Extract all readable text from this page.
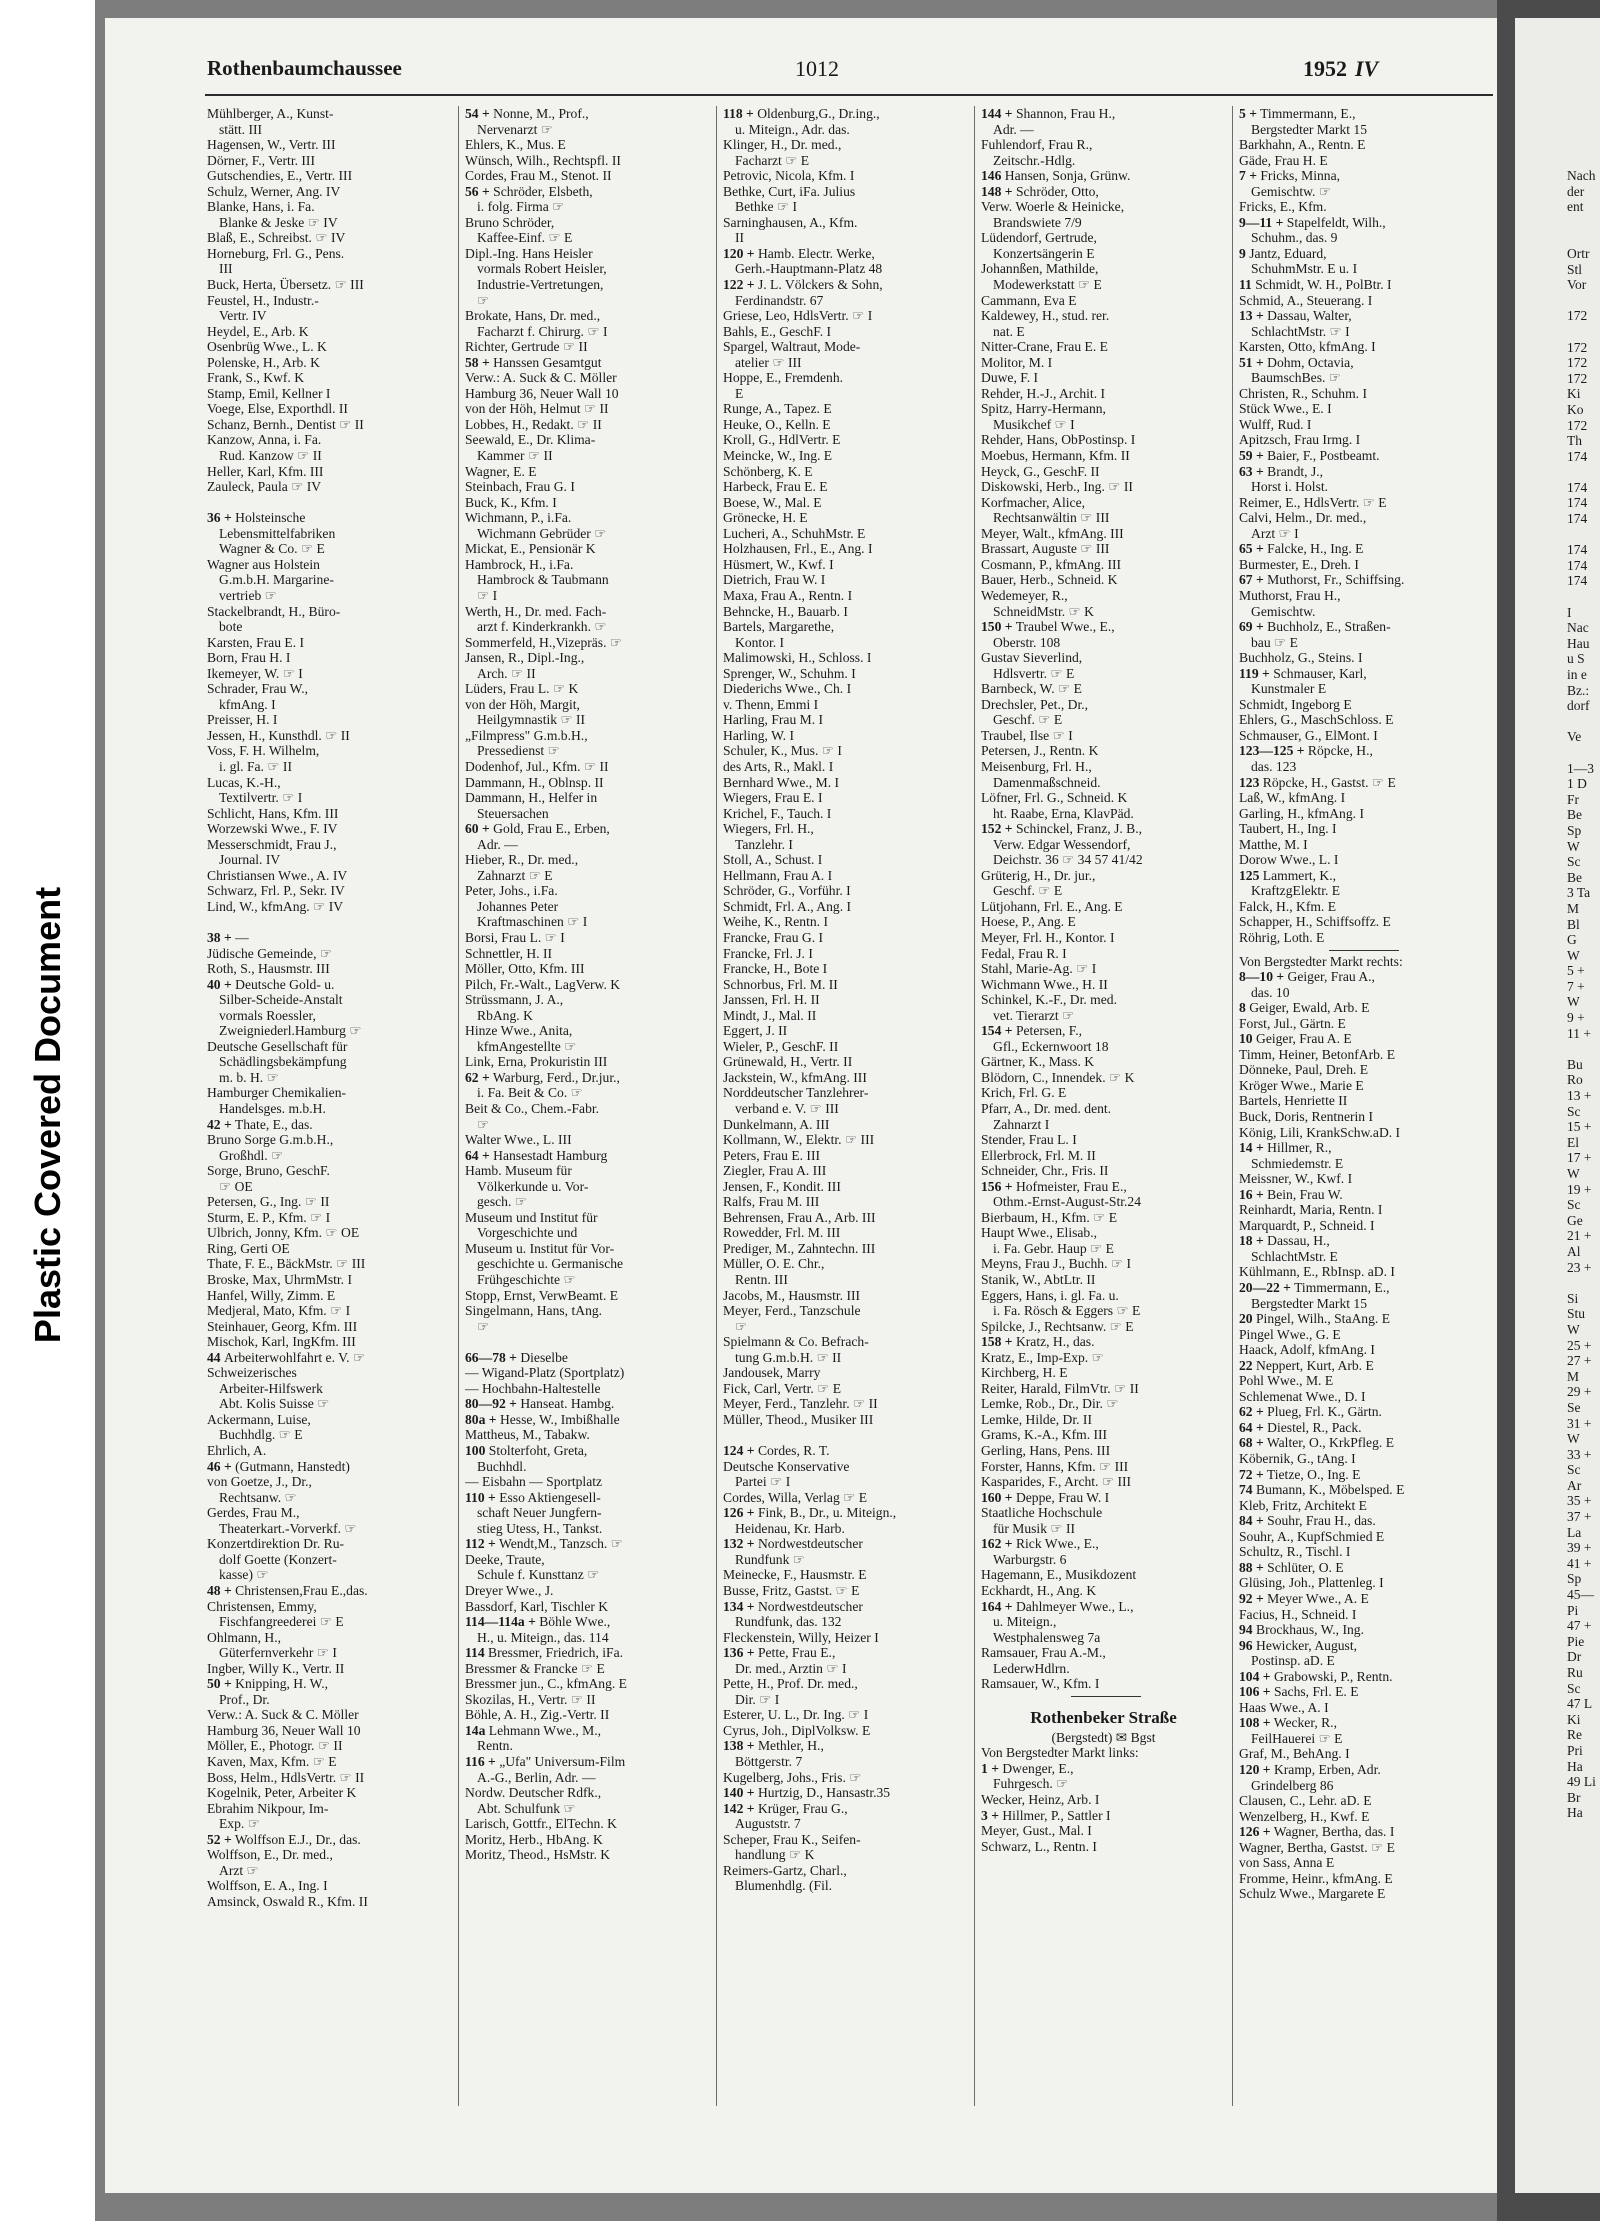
Plastic Covered Document
Nach
der
ent

Ortr
Stl
Vor

172

172
172
172
Ki
Ko
172
Th
174

174
174
174

174
174
174

I
Nac
Hau
u S
in e
Bz.:
dorf

Ve

1—3
1 D
Fr
Be
Sp
W
Sc
Be
3 Ta
M
Bl
G
W
5 +
7 +
W
9 +
11 +

Bu
Ro
13 +
Sc
15 +
El
17 +
W
19 +
Sc
Ge
21 +
Al
23 +

Si
Stu
W
25 +
27 +
M
29 +
Se
31 +
W
33 +
Sc
Ar
35 +
37 +
La
39 +
41 +
Sp
45—
Pi
47 +
Pie
Dr
Ru
Sc
47 L
Ki
Re
Pri
Ha
49 Li
Br
Ha
Rothenbaumchaussee	1012	1952 IV
Mühlberger, A., Kunst-
stätt. III
Hagensen, W., Vertr. III
Dörner, F., Vertr. III
Gutschendies, E., Vertr. III
Schulz, Werner, Ang. IV
Blanke, Hans, i. Fa.
Blanke & Jeske ☞ IV
Blaß, E., Schreibst. ☞ IV
Horneburg, Frl. G., Pens.
III
Buck, Herta, Übersetz. ☞ III
Feustel, H., Industr.-
Vertr. IV
Heydel, E., Arb. K
Osenbrüg Wwe., L. K
Polenske, H., Arb. K
Frank, S., Kwf. K
Stamp, Emil, Kellner I
Voege, Else, Exporthdl. II
Schanz, Bernh., Dentist ☞ II
Kanzow, Anna, i. Fa.
Rud. Kanzow ☞ II
Heller, Karl, Kfm. III
Zauleck, Paula ☞ IV

36 + Holsteinsche
Lebensmittelfabriken
Wagner & Co. ☞ E
Wagner aus Holstein
G.m.b.H. Margarine-
vertrieb ☞
Stackelbrandt, H., Büro-
bote
Karsten, Frau E. I
Born, Frau H. I
Ikemeyer, W. ☞ I
Schrader, Frau W.,
kfmAng. I
Preisser, H. I
Jessen, H., Kunsthdl. ☞ II
Voss, F. H. Wilhelm,
i. gl. Fa. ☞ II
Lucas, K.-H.,
Textilvertr. ☞ I
Schlicht, Hans, Kfm. III
Worzewski Wwe., F. IV
Messerschmidt, Frau J.,
Journal. IV
Christiansen Wwe., A. IV
Schwarz, Frl. P., Sekr. IV
Lind, W., kfmAng. ☞ IV

38 + —
Jüdische Gemeinde, ☞
Roth, S., Hausmstr. III
40 + Deutsche Gold- u.
Silber-Scheide-Anstalt
vormals Roessler,
Zweigniederl.Hamburg ☞
Deutsche Gesellschaft für
Schädlingsbekämpfung
m. b. H. ☞
Hamburger Chemikalien-
Handelsges. m.b.H.
42 + Thate, E., das.
Bruno Sorge G.m.b.H.,
Großhdl. ☞
Sorge, Bruno, GeschF.
☞ OE
Petersen, G., Ing. ☞ II
Sturm, E. P., Kfm. ☞ I
Ulbrich, Jonny, Kfm. ☞ OE
Ring, Gerti OE
Thate, F. E., BäckMstr. ☞ III
Broske, Max, UhrmMstr. I
Hanfel, Willy, Zimm. E
Medjeral, Mato, Kfm. ☞ I
Steinhauer, Georg, Kfm. III
Mischok, Karl, IngKfm. III
44 Arbeiterwohlfahrt e. V. ☞
Schweizerisches
Arbeiter-Hilfswerk
Abt. Kolis Suisse ☞
Ackermann, Luise,
Buchhdlg. ☞ E
Ehrlich, A.
46 + (Gutmann, Hanstedt)
von Goetze, J., Dr.,
Rechtsanw. ☞
Gerdes, Frau M.,
Theaterkart.-Vorverkf. ☞
Konzertdirektion Dr. Ru-
dolf Goette (Konzert-
kasse) ☞
48 + Christensen,Frau E.,das.
Christensen, Emmy,
Fischfangreederei ☞ E
Ohlmann, H.,
Güterfernverkehr ☞ I
Ingber, Willy K., Vertr. II
50 + Knipping, H. W.,
Prof., Dr.
Verw.: A. Suck & C. Möller
Hamburg 36, Neuer Wall 10
Möller, E., Photogr. ☞ II
Kaven, Max, Kfm. ☞ E
Boss, Helm., HdlsVertr. ☞ II
Kogelnik, Peter, Arbeiter K
Ebrahim Nikpour, Im-
Exp. ☞
52 + Wolffson E.J., Dr., das.
Wolffson, E., Dr. med.,
Arzt ☞
Wolffson, E. A., Ing. I
Amsinck, Oswald R., Kfm. II
54 + Nonne, M., Prof.,
Nervenarzt ☞
Ehlers, K., Mus. E
Wünsch, Wilh., Rechtspfl. II
Cordes, Frau M., Stenot. II
56 + Schröder, Elsbeth,
i. folg. Firma ☞
Bruno Schröder,
Kaffee-Einf. ☞ E
Dipl.-Ing. Hans Heisler
vormals Robert Heisler,
Industrie-Vertretungen,
☞
Brokate, Hans, Dr. med.,
Facharzt f. Chirurg. ☞ I
Richter, Gertrude ☞ II
58 + Hanssen Gesamtgut
Verw.: A. Suck & C. Möller
Hamburg 36, Neuer Wall 10
von der Höh, Helmut ☞ II
Lobbes, H., Redakt. ☞ II
Seewald, E., Dr. Klima-
Kammer ☞ II
Wagner, E. E
Steinbach, Frau G. I
Buck, K., Kfm. I
Wichmann, P., i.Fa.
Wichmann Gebrüder ☞
Mickat, E., Pensionär K
Hambrock, H., i.Fa.
Hambrock & Taubmann
☞ I
Werth, H., Dr. med. Fach-
arzt f. Kinderkrankh. ☞
Sommerfeld, H.,Vizepräs. ☞
Jansen, R., Dipl.-Ing.,
Arch. ☞ II
Lüders, Frau L. ☞ K
von der Höh, Margit,
Heilgymnastik ☞ II
„Filmpress" G.m.b.H.,
Pressedienst ☞
Dodenhof, Jul., Kfm. ☞ II
Dammann, H., Oblnsp. II
Dammann, H., Helfer in
Steuersachen
60 + Gold, Frau E., Erben,
Adr. —
Hieber, R., Dr. med.,
Zahnarzt ☞ E
Peter, Johs., i.Fa.
Johannes Peter
Kraftmaschinen ☞ I
Borsi, Frau L. ☞ I
Schnettler, H. II
Möller, Otto, Kfm. III
Pilch, Fr.-Walt., LagVerw. K
Strüssmann, J. A.,
RbAng. K
Hinze Wwe., Anita,
kfmAngestellte ☞
Link, Erna, Prokuristin III
62 + Warburg, Ferd., Dr.jur.,
i. Fa. Beit & Co. ☞
Beit & Co., Chem.-Fabr.
☞
Walter Wwe., L. III
64 + Hansestadt Hamburg
Hamb. Museum für
Völkerkunde u. Vor-
gesch. ☞
Museum und Institut für
Vorgeschichte und
Museum u. Institut für Vor-
geschichte u. Germanische
Frühgeschichte ☞
Stopp, Ernst, VerwBeamt. E
Singelmann, Hans, tAng.
☞

66—78 + Dieselbe
— Wigand-Platz (Sportplatz)
— Hochbahn-Haltestelle
80—92 + Hanseat. Hambg.
80a + Hesse, W., Imbißhalle
Mattheus, M., Tabakw.
100 Stolterfoht, Greta,
Buchhdl.
— Eisbahn — Sportplatz
110 + Esso Aktiengesell-
schaft Neuer Jungfern-
stieg Utess, H., Tankst.
112 + Wendt,M., Tanzsch. ☞
Deeke, Traute,
Schule f. Kunsttanz ☞
Dreyer Wwe., J.
Bassdorf, Karl, Tischler K
114—114a + Böhle Wwe.,
H., u. Miteign., das. 114
114 Bressmer, Friedrich, iFa.
Bressmer & Francke ☞ E
Bressmer jun., C., kfmAng. E
Skozilas, H., Vertr. ☞ II
Böhle, A. H., Zig.-Vertr. II
14a Lehmann Wwe., M.,
Rentn.
116 + „Ufa" Universum-Film
A.-G., Berlin, Adr. —
Nordw. Deutscher Rdfk.,
Abt. Schulfunk ☞
Larisch, Gottfr., ElTechn. K
Moritz, Herb., HbAng. K
Moritz, Theod., HsMstr. K
118 + Oldenburg,G., Dr.ing.,
u. Miteign., Adr. das.
Klinger, H., Dr. med.,
Facharzt ☞ E
Petrovic, Nicola, Kfm. I
Bethke, Curt, iFa. Julius
Bethke ☞ I
Sarninghausen, A., Kfm.
II
120 + Hamb. Electr. Werke,
Gerh.-Hauptmann-Platz 48
122 + J. L. Völckers & Sohn,
Ferdinandstr. 67
Griese, Leo, HdlsVertr. ☞ I
Bahls, E., GeschF. I
Spargel, Waltraut, Mode-
atelier ☞ III
Hoppe, E., Fremdenh.
E
Runge, A., Tapez. E
Heuke, O., Kelln. E
Kroll, G., HdlVertr. E
Meincke, W., Ing. E
Schönberg, K. E
Harbeck, Frau E. E
Boese, W., Mal. E
Grönecke, H. E
Lucheri, A., SchuhMstr. E
Holzhausen, Frl., E., Ang. I
Hüsmert, W., Kwf. I
Dietrich, Frau W. I
Maxa, Frau A., Rentn. I
Behncke, H., Bauarb. I
Bartels, Margarethe,
Kontor. I
Malimowski, H., Schloss. I
Sprenger, W., Schuhm. I
Diederichs Wwe., Ch. I
v. Thenn, Emmi I
Harling, Frau M. I
Harling, W. I
Schuler, K., Mus. ☞ I
des Arts, R., Makl. I
Bernhard Wwe., M. I
Wiegers, Frau E. I
Krichel, F., Tauch. I
Wiegers, Frl. H.,
Tanzlehr. I
Stoll, A., Schust. I
Hellmann, Frau A. I
Schröder, G., Vorführ. I
Schmidt, Frl. A., Ang. I
Weihe, K., Rentn. I
Francke, Frau G. I
Francke, Frl. J. I
Francke, H., Bote I
Schnorbus, Frl. M. II
Janssen, Frl. H. II
Mindt, J., Mal. II
Eggert, J. II
Wieler, P., GeschF. II
Grünewald, H., Vertr. II
Jackstein, W., kfmAng. III
Norddeutscher Tanzlehrer-
verband e. V. ☞ III
Dunkelmann, A. III
Kollmann, W., Elektr. ☞ III
Peters, Frau E. III
Ziegler, Frau A. III
Jensen, F., Kondit. III
Ralfs, Frau M. III
Behrensen, Frau A., Arb. III
Rowedder, Frl. M. III
Prediger, M., Zahntechn. III
Müller, O. E. Chr.,
Rentn. III
Jacobs, M., Hausmstr. III
Meyer, Ferd., Tanzschule
☞
Spielmann & Co. Befrach-
tung G.m.b.H. ☞ II
Jandousek, Marry
Fick, Carl, Vertr. ☞ E
Meyer, Ferd., Tanzlehr. ☞ II
Müller, Theod., Musiker III

124 + Cordes, R. T.
Deutsche Konservative
Partei ☞ I
Cordes, Willa, Verlag ☞ E
126 + Fink, B., Dr., u. Miteign.,
Heidenau, Kr. Harb.
132 + Nordwestdeutscher
Rundfunk ☞
Meinecke, F., Hausmstr. E
Busse, Fritz, Gastst. ☞ E
134 + Nordwestdeutscher
Rundfunk, das. 132
Fleckenstein, Willy, Heizer I
136 + Pette, Frau E.,
Dr. med., Arztin ☞ I
Pette, H., Prof. Dr. med.,
Dir. ☞ I
Esterer, U. L., Dr. Ing. ☞ I
Cyrus, Joh., DiplVolksw. E
138 + Methler, H.,
Böttgerstr. 7
Kugelberg, Johs., Fris. ☞
140 + Hurtzig, D., Hansastr.35
142 + Krüger, Frau G.,
Auguststr. 7
Scheper, Frau K., Seifen-
handlung ☞ K
Reimers-Gartz, Charl.,
Blumenhdlg. (Fil.
144 + Shannon, Frau H.,
Adr. —
Fuhlendorf, Frau R.,
Zeitschr.-Hdlg.
146 Hansen, Sonja, Grünw.
148 + Schröder, Otto,
Verw. Woerle & Heinicke,
Brandswiete 7/9
Lüdendorf, Gertrude,
Konzertsängerin E
Johannßen, Mathilde,
Modewerkstatt ☞ E
Cammann, Eva E
Kaldewey, H., stud. rer.
nat. E
Nitter-Crane, Frau E. E
Molitor, M. I
Duwe, F. I
Rehder, H.-J., Archit. I
Spitz, Harry-Hermann,
Musikchef ☞ I
Rehder, Hans, ObPostinsp. I
Moebus, Hermann, Kfm. II
Heyck, G., GeschF. II
Diskowski, Herb., Ing. ☞ II
Korfmacher, Alice,
Rechtsanwältin ☞ III
Meyer, Walt., kfmAng. III
Brassart, Auguste ☞ III
Cosmann, P., kfmAng. III
Bauer, Herb., Schneid. K
Wedemeyer, R.,
SchneidMstr. ☞ K
150 + Traubel Wwe., E.,
Oberstr. 108
Gustav Sieverlind,
Hdlsvertr. ☞ E
Barnbeck, W. ☞ E
Drechsler, Pet., Dr.,
Geschf. ☞ E
Traubel, Ilse ☞ I
Petersen, J., Rentn. K
Meisenburg, Frl. H.,
Damenmaßschneid.
Löfner, Frl. G., Schneid. K
ht. Raabe, Erna, KlavPäd.
152 + Schinckel, Franz, J. B.,
Verw. Edgar Wessendorf,
Deichstr. 36 ☞ 34 57 41/42
Grüterig, H., Dr. jur.,
Geschf. ☞ E
Lütjohann, Frl. E., Ang. E
Hoese, P., Ang. E
Meyer, Frl. H., Kontor. I
Fedal, Frau R. I
Stahl, Marie-Ag. ☞ I
Wichmann Wwe., H. II
Schinkel, K.-F., Dr. med.
vet. Tierarzt ☞
154 + Petersen, F.,
Gfl., Eckernwoort 18
Gärtner, K., Mass. K
Blödorn, C., Innendek. ☞ K
Krich, Frl. G. E
Pfarr, A., Dr. med. dent.
Zahnarzt I
Stender, Frau L. I
Ellerbrock, Frl. M. II
Schneider, Chr., Fris. II
156 + Hofmeister, Frau E.,
Othm.-Ernst-August-Str.24
Bierbaum, H., Kfm. ☞ E
Haupt Wwe., Elisab.,
i. Fa. Gebr. Haup ☞ E
Meyns, Frau J., Buchh. ☞ I
Stanik, W., AbtLtr. II
Eggers, Hans, i. gl. Fa. u.
i. Fa. Rösch & Eggers ☞ E
Spilcke, J., Rechtsanw. ☞ E
158 + Kratz, H., das.
Kratz, E., Imp-Exp. ☞
Kirchberg, H. E
Reiter, Harald, FilmVtr. ☞ II
Lemke, Rob., Dr., Dir. ☞
Lemke, Hilde, Dr. II
Grams, K.-A., Kfm. III
Gerling, Hans, Pens. III
Forster, Hanns, Kfm. ☞ III
Kasparides, F., Archt. ☞ III
160 + Deppe, Frau W. I
Staatliche Hochschule
für Musik ☞ II
162 + Rick Wwe., E.,
Warburgstr. 6
Hagemann, E., Musikdozent
Eckhardt, H., Ang. K
164 + Dahlmeyer Wwe., L.,
u. Miteign.,
Westphalensweg 7a
Ramsauer, Frau A.-M.,
LederwHdlrn.
Ramsauer, W., Kfm. I
Rothenbeker Straße
(Bergstedt) ✉ Bgst
Von Bergstedter Markt links:
1 + Dwenger, E.,
Fuhrgesch. ☞
Wecker, Heinz, Arb. I
3 + Hillmer, P., Sattler I
Meyer, Gust., Mal. I
Schwarz, L., Rentn. I
5 + Timmermann, E.,
Bergstedter Markt 15
Barkhahn, A., Rentn. E
Gäde, Frau H. E
7 + Fricks, Minna,
Gemischtw. ☞
Fricks, E., Kfm.
9—11 + Stapelfeldt, Wilh.,
Schuhm., das. 9
9 Jantz, Eduard,
SchuhmMstr. E u. I
11 Schmidt, W. H., PolBtr. I
Schmid, A., Steuerang. I
13 + Dassau, Walter,
SchlachtMstr. ☞ I
Karsten, Otto, kfmAng. I
51 + Dohm, Octavia,
BaumschBes. ☞
Christen, R., Schuhm. I
Stück Wwe., E. I
Wulff, Rud. I
Apitzsch, Frau Irmg. I
59 + Baier, F., Postbeamt.
63 + Brandt, J.,
Horst i. Holst.
Reimer, E., HdlsVertr. ☞ E
Calvi, Helm., Dr. med.,
Arzt ☞ I
65 + Falcke, H., Ing. E
Burmester, E., Dreh. I
67 + Muthorst, Fr., Schiffsing.
Muthorst, Frau H.,
Gemischtw.
69 + Buchholz, E., Straßen-
bau ☞ E
Buchholz, G., Steins. I
119 + Schmauser, Karl,
Kunstmaler E
Schmidt, Ingeborg E
Ehlers, G., MaschSchloss. E
Schmauser, G., ElMont. I
123—125 + Röpcke, H.,
das. 123
123 Röpcke, H., Gastst. ☞ E
Laß, W., kfmAng. I
Garling, H., kfmAng. I
Taubert, H., Ing. I
Matthe, M. I
Dorow Wwe., L. I
125 Lammert, K.,
KraftzgElektr. E
Falck, H., Kfm. E
Schapper, H., Schiffsoffz. E
Röhrig, Loth. E
Von Bergstedter Markt rechts:
8—10 + Geiger, Frau A.,
das. 10
8 Geiger, Ewald, Arb. E
Forst, Jul., Gärtn. E
10 Geiger, Frau A. E
Timm, Heiner, BetonfArb. E
Dönneke, Paul, Dreh. E
Kröger Wwe., Marie E
Bartels, Henriette II
Buck, Doris, Rentnerin I
König, Lili, KrankSchw.aD. I
14 + Hillmer, R.,
Schmiedemstr. E
Meissner, W., Kwf. I
16 + Bein, Frau W.
Reinhardt, Maria, Rentn. I
Marquardt, P., Schneid. I
18 + Dassau, H.,
SchlachtMstr. E
Kühlmann, E., RbInsp. aD. I
20—22 + Timmermann, E.,
Bergstedter Markt 15
20 Pingel, Wilh., StaAng. E
Pingel Wwe., G. E
Haack, Adolf, kfmAng. I
22 Neppert, Kurt, Arb. E
Pohl Wwe., M. E
Schlemenat Wwe., D. I
62 + Plueg, Frl. K., Gärtn.
64 + Diestel, R., Pack.
68 + Walter, O., KrkPfleg. E
Köbernik, G., tAng. I
72 + Tietze, O., Ing. E
74 Bumann, K., Möbelsped. E
Kleb, Fritz, Architekt E
84 + Souhr, Frau H., das.
Souhr, A., KupfSchmied E
Schultz, R., Tischl. I
88 + Schlüter, O. E
Glüsing, Joh., Plattenleg. I
92 + Meyer Wwe., A. E
Facius, H., Schneid. I
94 Brockhaus, W., Ing.
96 Hewicker, August,
Postinsp. aD. E
104 + Grabowski, P., Rentn.
106 + Sachs, Frl. E. E
Haas Wwe., A. I
108 + Wecker, R.,
FeilHauerei ☞ E
Graf, M., BehAng. I
120 + Kramp, Erben, Adr.
Grindelberg 86
Clausen, C., Lehr. aD. E
Wenzelberg, H., Kwf. E
126 + Wagner, Bertha, das. I
Wagner, Bertha, Gastst. ☞ E
von Sass, Anna E
Fromme, Heinr., kfmAng. E
Schulz Wwe., Margarete E
